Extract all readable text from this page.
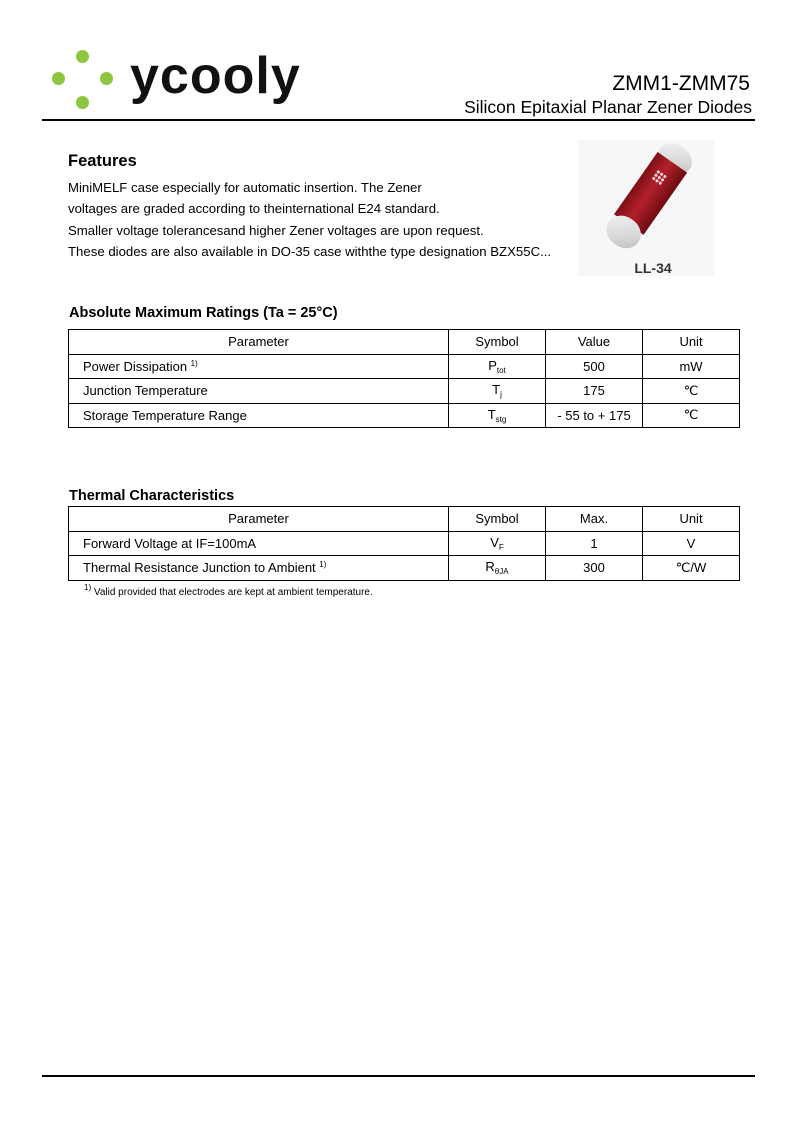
ycooly	ZMM1-ZMM75
Silicon Epitaxial Planar Zener Diodes
Features
MiniMELF case especially for automatic insertion. The Zener
voltages are graded according to theinternational E24 standard.
Smaller voltage tolerancesand higher Zener voltages are upon request.
These diodes are also available in DO-35 case withthe type designation BZX55C...
LL-34
Absolute Maximum Ratings (Ta = 25°C)
Parameter	Symbol	Value	Unit
Power Dissipation $^{1)}$	$P_{tot}$	500	mW
Junction Temperature	$T_j$	175	℃
Storage Temperature Range	$T_{stg}$	- 55 to + 175	℃
Thermal Characteristics
Parameter	Symbol	Max.	Unit
Forward Voltage at IF=100mA	$V_F$	1	V
Thermal Resistance Junction to Ambient $^{1)}$	$R_{\theta JA}$	300	℃/W
$^{1)}$ Valid provided that electrodes are kept at ambient temperature.
